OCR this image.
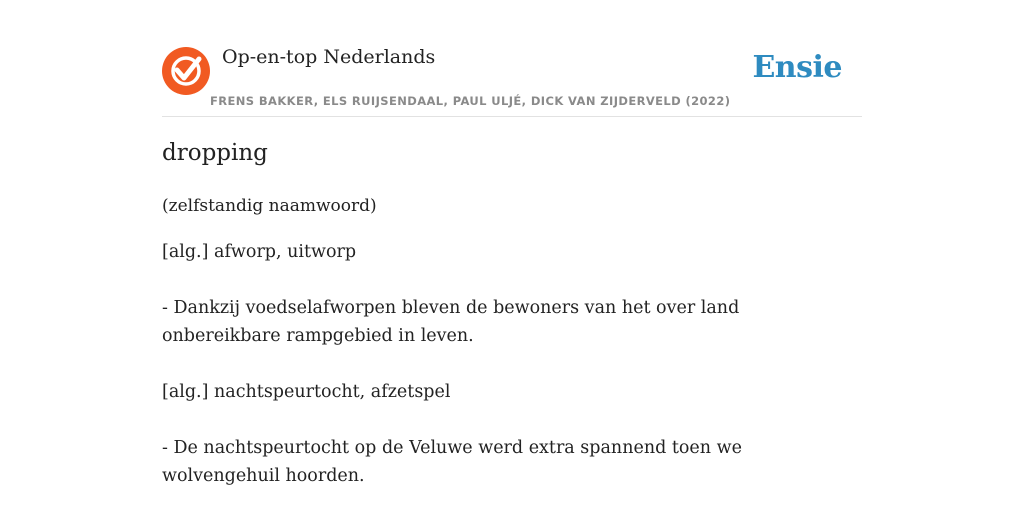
Op-en-top Nederlands
FRENS BAKKER, ELS RUIJSENDAAL, PAUL ULJÉ, DICK VAN ZIJDERVELD (2022)
Ensie
dropping
(zelfstandig naamwoord)
[alg.] afworp, uitworp
- Dankzij voedselafworpen bleven de bewoners van het over land onbereikbare rampgebied in leven.
[alg.] nachtspeurtocht, afzetspel
- De nachtspeurtocht op de Veluwe werd extra spannend toen we wolvengehuil hoorden.
